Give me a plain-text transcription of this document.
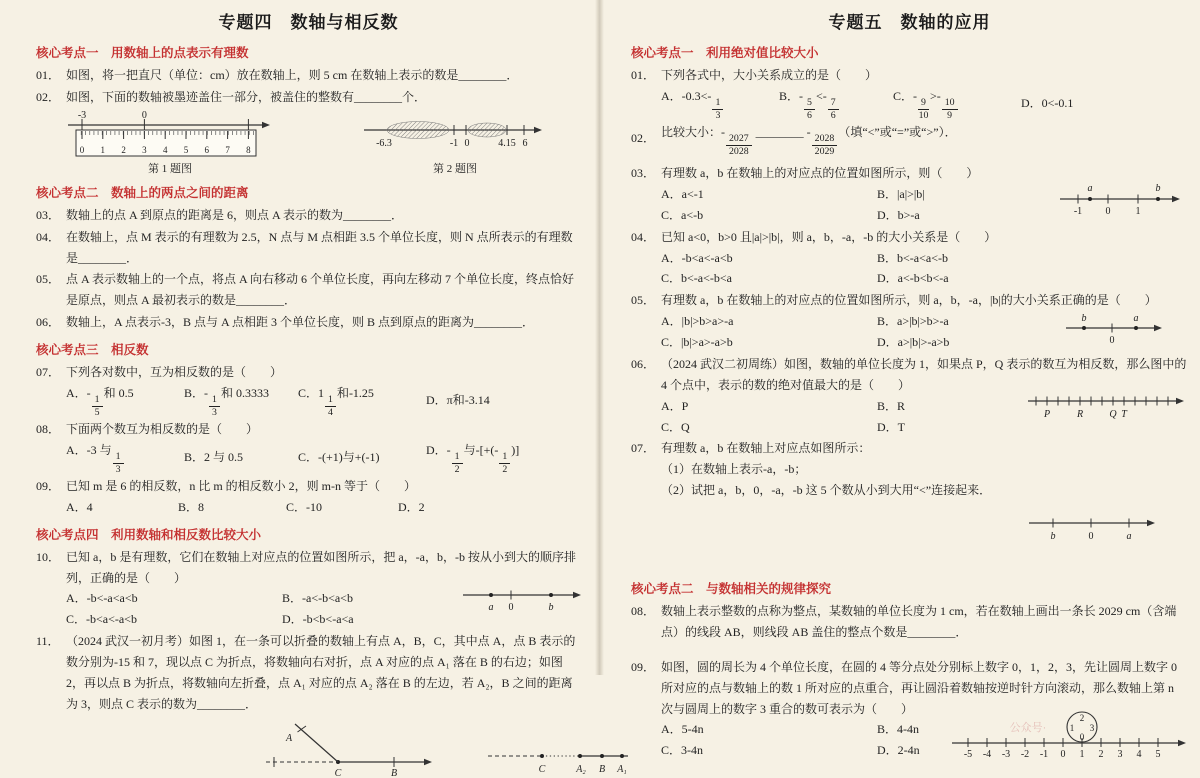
专题四　数轴与相反数
核心考点一　用数轴上的点表示有理数
01． 如图，将一把直尺（单位：cm）放在数轴上，则 5 cm 在数轴上表示的数是________．
02． 如图，下面的数轴被墨迹盖住一部分，被盖住的整数有________个．
-3	0
0 1 2 3 4 5 6 7 8
第 1 题图
-6.3	-1 0	4.15 6
第 2 题图
核心考点二　数轴上的两点之间的距离
03． 数轴上的点 A 到原点的距离是 6，则点 A 表示的数为________．
04． 在数轴上，点 M 表示的有理数为 2.5，N 点与 M 点相距 3.5 个单位长度，则 N 点所表示的有理数是________．
05． 点 A 表示数轴上的一个点，将点 A 向右移动 6 个单位长度，再向左移动 7 个单位长度，终点恰好是原点，则点 A 最初表示的数是________．
06． 数轴上，A 点表示-3，B 点与 A 点相距 3 个单位长度，则 B 点到原点的距离为________．
核心考点三　相反数
07． 下列各对数中，互为相反数的是（　　）
A．-
$\frac{1}{5}$
和 0.5	B．-
$\frac{1}{3}$
和 0.3333	C．1
$\frac{1}{4}$
和-1.25
D．π和-3.14
08． 下面两个数互为相反数的是（　　）
A．-3 与
$\frac{1}{3}$	B．2 与 0.5	C．-(+1)与+(-1)
D．-
$\frac{1}{2}$
与-[+(-
$\frac{1}{2}$
)]
09． 已知 m 是 6 的相反数，n 比 m 的相反数小 2，则 m-n 等于（　　）
A．4	B．8	C．-10	D．2
核心考点四　利用数轴和相反数比较大小
10． 已知 a，b 是有理数，它们在数轴上对应点的位置如图所示，把 a，-a，b，-b 按从小到大的顺序排列，正确的是（　　）
A．-b<-a<a<b	B．-a<-b<a<b
C．-b<a<-a<b	D．-b<b<-a<a
a 0	b
11． （2024 武汉一初月考）如图 1，在一条可以折叠的数轴上有点 A，B，C，其中点 A，点 B 表示的数分别为-15 和 7，现以点 C 为折点，将数轴向右对折，点 A 对应的点 A₁ 落在 B 的右边；如图 2，再以点 B 为折点，将数轴向左折叠，点 A₁ 对应的点 A₂ 落在 B 的左边，若 A₂，B 之间的距离为 3，则点 C 表示的数为________．
A
C	B	C	A₂ B A₁
专题五　数轴的应用
核心考点一　利用绝对值比较大小
01． 下列各式中，大小关系成立的是（　　）
A．-0.3<-
$\frac{1}{3}$
B．-
$\frac{5}{6}$
<-
$\frac{7}{6}$
C．-
$\frac{9}{10}$
>-
$\frac{10}{9}$	D．0<-0.1
02． 比较大小：-
$\frac{2027}{2028}$
________ -
$\frac{2028}{2029}$
（填“<”或“=”或“>”）．
03． 有理数 a，b 在数轴上的对应点的位置如图所示，则（　　）
A．a<-1	B．|a|>|b|
C．a<-b	D．b>-a
a	b
-1 0	1
04． 已知 a<0，b>0 且|a|>|b|，则 a，b，-a，-b 的大小关系是（　　）
A．-b<a<-a<b	B．b<-a<a<-b
C．b<-a<-b<a	D．a<-b<b<-a
05． 有理数 a，b 在数轴上的对应点的位置如图所示，则 a，b，-a，|b|的大小关系正确的是（　　）
A．|b|>b>a>-a	B．a>|b|>b>-a
C．|b|>a>-a>b	D．a>|b|>-a>b
b	a
0
06． （2024 武汉二初周练）如图，数轴的单位长度为 1，如果点 P，Q 表示的数互为相反数，那么图中的 4 个点中，表示的数的绝对值最大的是（　　）
A．P	B．R
C．Q	D．T
P	R	Q T
07． 有理数 a，b 在数轴上对应点如图所示：
（1）在数轴上表示-a，-b；
（2）试把 a，b，0，-a，-b 这 5 个数从小到大用“<”连接起来．
b	0	a
核心考点二　与数轴相关的规律探究
08． 数轴上表示整数的点称为整点，某数轴的单位长度为 1 cm，若在数轴上画出一条长 2029 cm（含端点）的线段 AB，则线段 AB 盖住的整点个数是________．
09． 如图，圆的周长为 4 个单位长度，在圆的 4 等分点处分别标上数字 0，1，2，3，先让圆周上数字 0 所对应的点与数轴上的数 1 所对应的点重合，再让圆沿着数轴按逆时针方向滚动，那么数轴上第 n 次与圆周上的数字 3 重合的数可表示为（　　）
A．5-4n	B．4-4n
C．3-4n	D．2-4n
公众号·
-5 -4 -3 -2 -1 0 1 2 3 4 5
2
1 3
0
